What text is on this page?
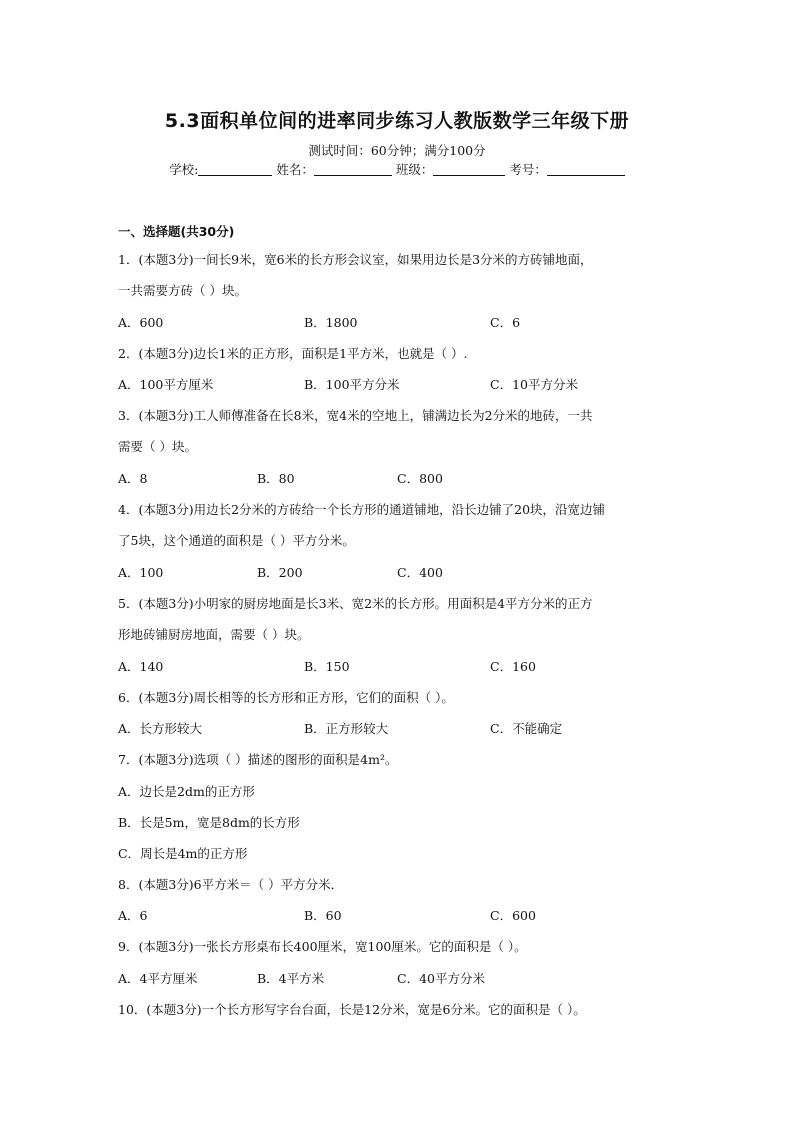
5.3面积单位间的进率同步练习人教版数学三年级下册
测试时间：60分钟；满分100分
学校:	姓名：	班级：	考号：
一、选择题(共30分)
1．(本题3分)一间长9米，宽6米的长方形会议室，如果用边长是3分米的方砖铺地面，
一共需要方砖（ ）块。
A．600	B．1800	C．6
2．(本题3分)边长1米的正方形，面积是1平方米，也就是（ ）.
A．100平方厘米	B．100平方分米	C．10平方分米
3．(本题3分)工人师傅准备在长8米，宽4米的空地上，铺满边长为2分米的地砖，一共
需要（ ）块。
A．8	B．80	C．800
4．(本题3分)用边长2分米的方砖给一个长方形的通道铺地，沿长边铺了20块，沿宽边铺
了5块，这个通道的面积是（ ）平方分米。
A．100	B．200	C．400
5．(本题3分)小明家的厨房地面是长3米、宽2米的长方形。用面积是4平方分米的正方
形地砖铺厨房地面，需要（ ）块。
A．140	B．150	C．160
6．(本题3分)周长相等的长方形和正方形，它们的面积（ ）。
A．长方形较大	B．正方形较大	C．不能确定
7．(本题3分)选项（ ）描述的图形的面积是4m²。
A．边长是2dm的正方形
B．长是5m，宽是8dm的长方形
C．周长是4m的正方形
8．(本题3分)6平方米＝（ ）平方分米．
A．6	B．60	C．600
9．(本题3分)一张长方形桌布长400厘米，宽100厘米。它的面积是（ ）。
A．4平方厘米	B．4平方米	C．40平方分米
10．(本题3分)一个长方形写字台台面，长是12分米，宽是6分米。它的面积是（ ）。
